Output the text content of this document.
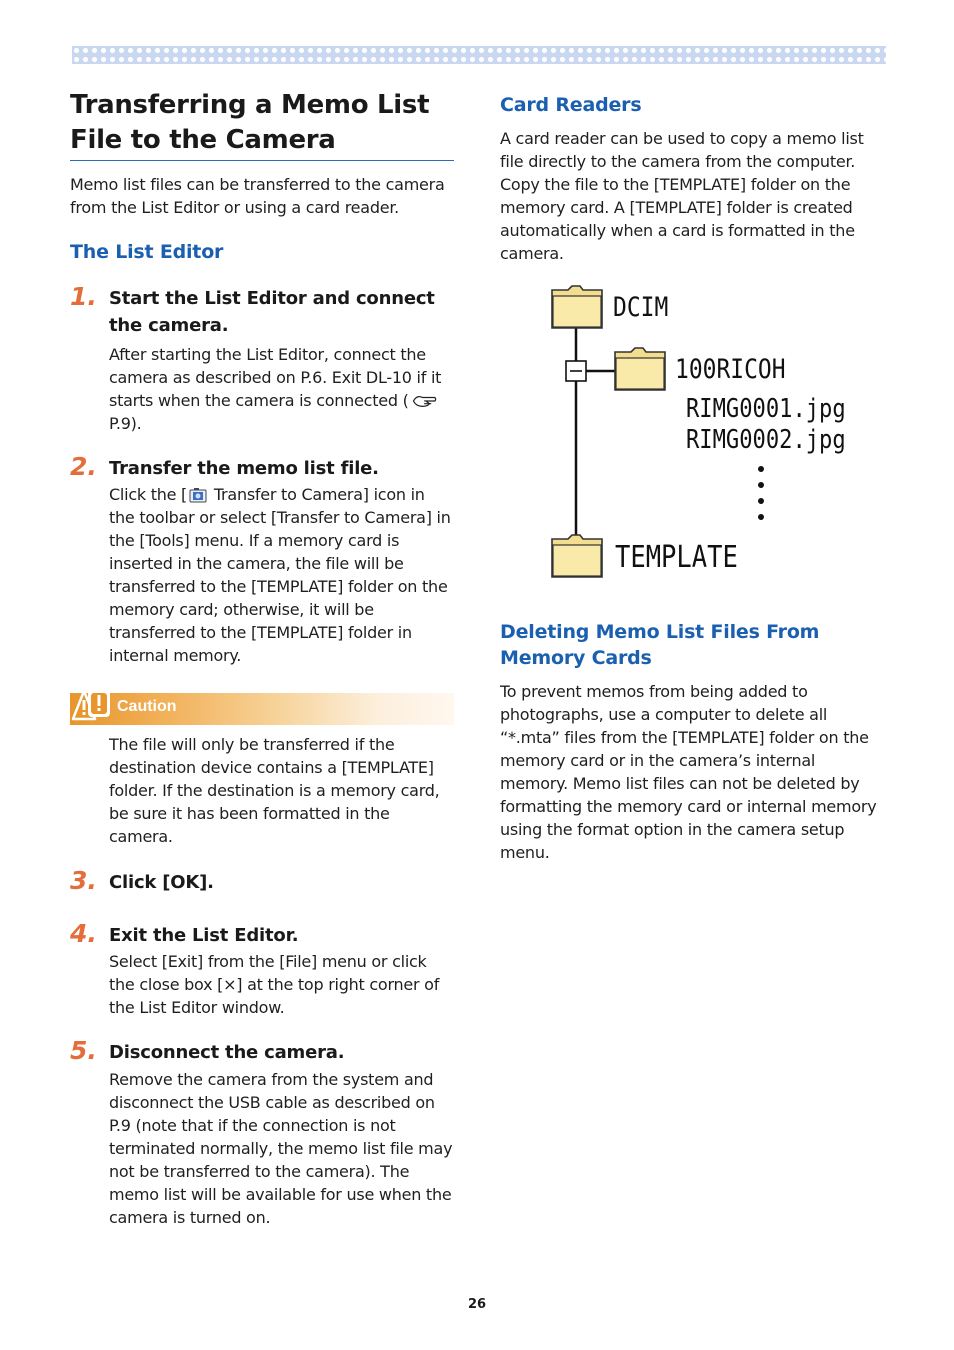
Transferring a Memo List File to the Camera

Memo list files can be transferred to the camera from the List Editor or using a card reader.

The List Editor
1. Start the List Editor and connect the camera.

After starting the List Editor, connect the camera as described on P.6. Exit DL-10 if it starts when the camera is connected (P.9).

2. Transfer the memo list file.

Click the [ Transfer to Camera] icon in the toolbar or select [Transfer to Camera] in the [Tools] menu. If a memory card is inserted in the camera, the file will be transferred to the [TEMPLATE] folder on the memory card; otherwise, it will be transferred to the [TEMPLATE] folder in internal memory.

Caution

The file will only be transferred if the destination device contains a [TEMPLATE] folder. If the destination is a memory card, be sure it has been formatted in the camera.

3. Click [OK].

4. Exit the List Editor.

Select [Exit] from the [File] menu or click the close box [×] at the top right corner of the List Editor window.

5. Disconnect the camera.

Remove the camera from the system and disconnect the USB cable as described on P.9 (note that if the connection is not terminated normally, the memo list file may not be transferred to the camera). The memo list will be available for use when the camera is turned on.

Card Readers

A card reader can be used to copy a memo list file directly to the camera from the computer. Copy the file to the [TEMPLATE] folder on the memory card. A [TEMPLATE] folder is created automatically when a card is formatted in the camera.

Deleting Memo List Files From Memory Cards

To prevent memos from being added to photographs, use a computer to delete all “*.mta” files from the [TEMPLATE] folder on the memory card or in the camera’s internal memory. Memo list files can not be deleted by formatting the memory card or internal memory using the format option in the camera setup menu.

DCIM
100RICOH
RIMG0001.jpg
RIMG0002.jpg
TEMPLATE
26
